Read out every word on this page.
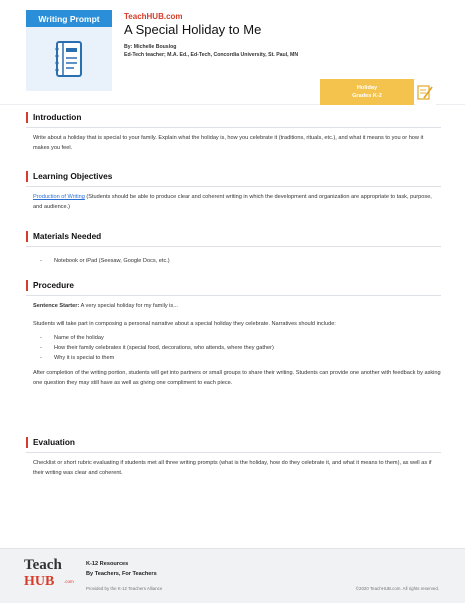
Writing Prompt	TeachHUB.com
A Special Holiday to Me
By: Michelle Bouslog
Ed-Tech teacher; M.A. Ed., Ed-Tech, Concordia University, St. Paul, MN
Holiday
Grades K-2
Introduction
Write about a holiday that is special to your family. Explain what the holiday is, how you celebrate it (traditions, rituals, etc.), and what it means to you or how it makes you feel.
Learning Objectives
Production of Writing (Students should be able to produce clear and coherent writing in which the development and organization are appropriate to task, purpose, and audience.)
Materials Needed
- Notebook or iPad (Seesaw, Google Docs, etc.)
Procedure
Sentence Starter: A very special holiday for my family is...
Students will take part in composing a personal narrative about a special holiday they celebrate. Narratives should include:
- Name of the holiday
- How their family celebrates it (special food, decorations, who attends, where they gather)
- Why it is special to them
After completion of the writing portion, students will get into partners or small groups to share their writing. Students can provide one another with feedback by asking one question they may still have as well as giving one compliment to each piece.
Evaluation
Checklist or short rubric evaluating if students met all three writing prompts (what is the holiday, how do they celebrate it, and what it means to them), as well as if their writing was clear and coherent.
Teach
HUB .com
K-12 Resources
By Teachers, For Teachers
Provided by the K-12 Teachers Alliance	©2020 TeachHUB.com. All rights reserved.
